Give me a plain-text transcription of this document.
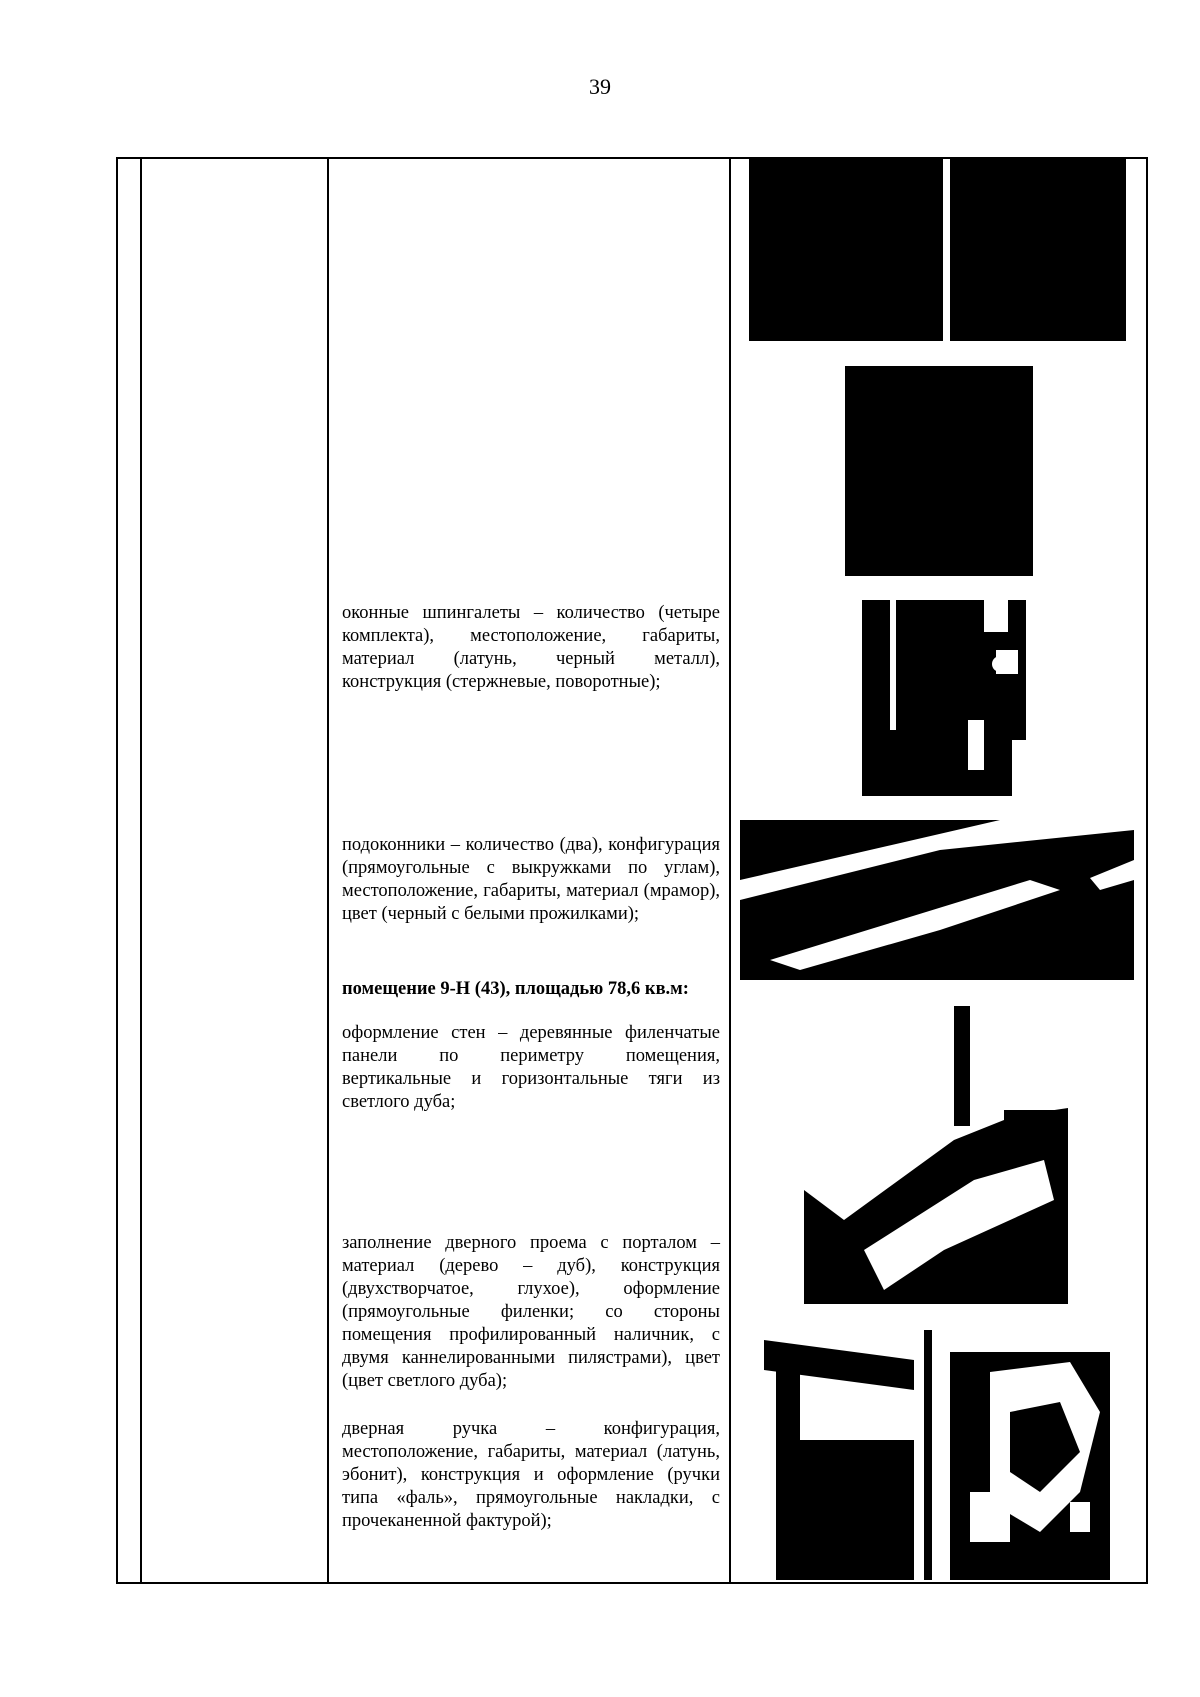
39
оконные шпингалеты – количество (четыре комплекта), местоположение, габариты, материал (латунь, черный металл), конструкция (стержневые, поворотные);
подоконники – количество (два), конфигурация (прямоугольные с выкружками по углам), местоположение, габариты, материал (мрамор), цвет (черный с белыми прожилками);
помещение 9-Н (43), площадью 78,6 кв.м:
оформление стен – деревянные филенчатые панели по периметру помещения, вертикальные и горизонтальные тяги из светлого дуба;
заполнение дверного проема с порталом – материал (дерево – дуб), конструкция (двухстворчатое, глухое), оформление (прямоугольные филенки; со стороны помещения профилированный наличник, с двумя каннелированными пилястрами), цвет (цвет светлого дуба);
дверная ручка – конфигурация, местоположение, габариты, материал (латунь, эбонит), конструкция и оформление (ручки типа «фаль», прямоугольные накладки, с прочеканенной фактурой);
